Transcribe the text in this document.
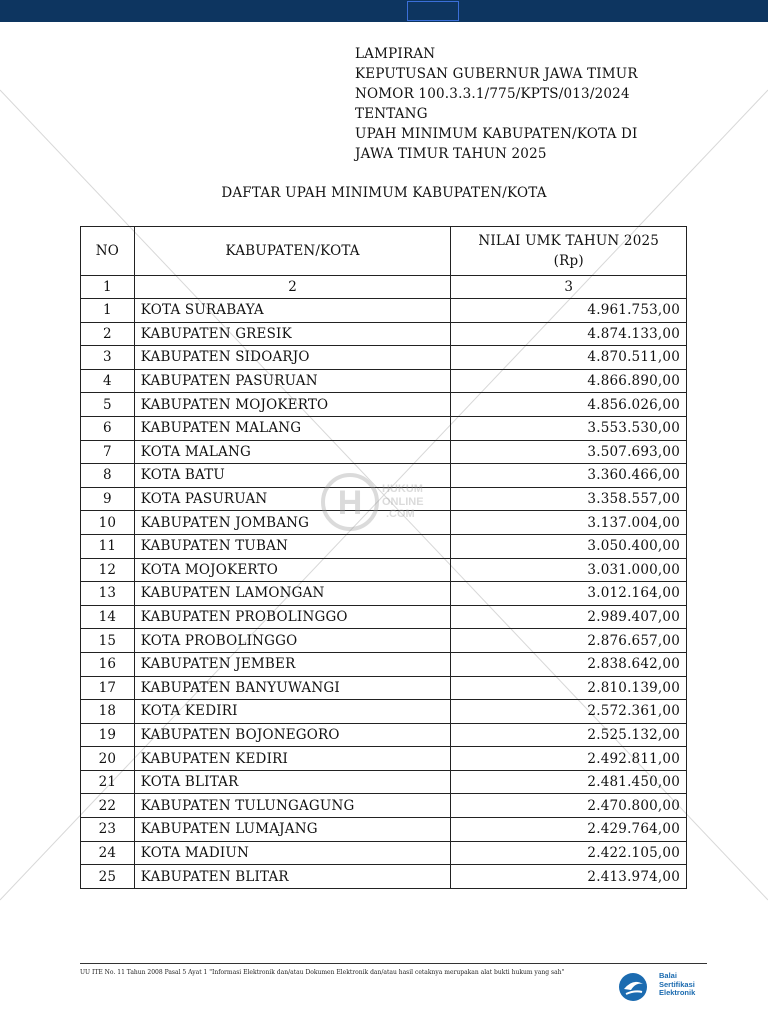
LAMPIRAN
KEPUTUSAN GUBERNUR JAWA TIMUR
NOMOR 100.3.3.1/775/KPTS/013/2024
TENTANG
UPAH MINIMUM KABUPATEN/KOTA DI
JAWA TIMUR TAHUN 2025
DAFTAR UPAH MINIMUM KABUPATEN/KOTA
NO	KABUPATEN/KOTA	NILAI UMK TAHUN 2025
(Rp)

1	2	3
1	KOTA SURABAYA	4.961.753,00
2	KABUPATEN GRESIK	4.874.133,00
3	KABUPATEN SIDOARJO	4.870.511,00
4	KABUPATEN PASURUAN	4.866.890,00
5	KABUPATEN MOJOKERTO	4.856.026,00
6	KABUPATEN MALANG	3.553.530,00
7	KOTA MALANG	3.507.693,00
8	KOTA BATU	3.360.466,00
9	KOTA PASURUAN	3.358.557,00
10	KABUPATEN JOMBANG	3.137.004,00
11	KABUPATEN TUBAN	3.050.400,00
12	KOTA MOJOKERTO	3.031.000,00
13	KABUPATEN LAMONGAN	3.012.164,00
14	KABUPATEN PROBOLINGGO	2.989.407,00
15	KOTA PROBOLINGGO	2.876.657,00
16	KABUPATEN JEMBER	2.838.642,00
17	KABUPATEN BANYUWANGI	2.810.139,00
18	KOTA KEDIRI	2.572.361,00
19	KABUPATEN BOJONEGORO	2.525.132,00
20	KABUPATEN KEDIRI	2.492.811,00
21	KOTA BLITAR	2.481.450,00
22	KABUPATEN TULUNGAGUNG	2.470.800,00
23	KABUPATEN LUMAJANG	2.429.764,00
24	KOTA MADIUN	2.422.105,00
25	KABUPATEN BLITAR	2.413.974,00
H HUKUM
ONLINE
.COM
UU ITE No. 11 Tahun 2008 Pasal 5 Ayat 1 "Informasi Elektronik dan/atau Dokumen Elektronik dan/atau hasil cetaknya merupakan alat bukti hukum yang sah"	Balai
Sertifikasi
Elektronik
